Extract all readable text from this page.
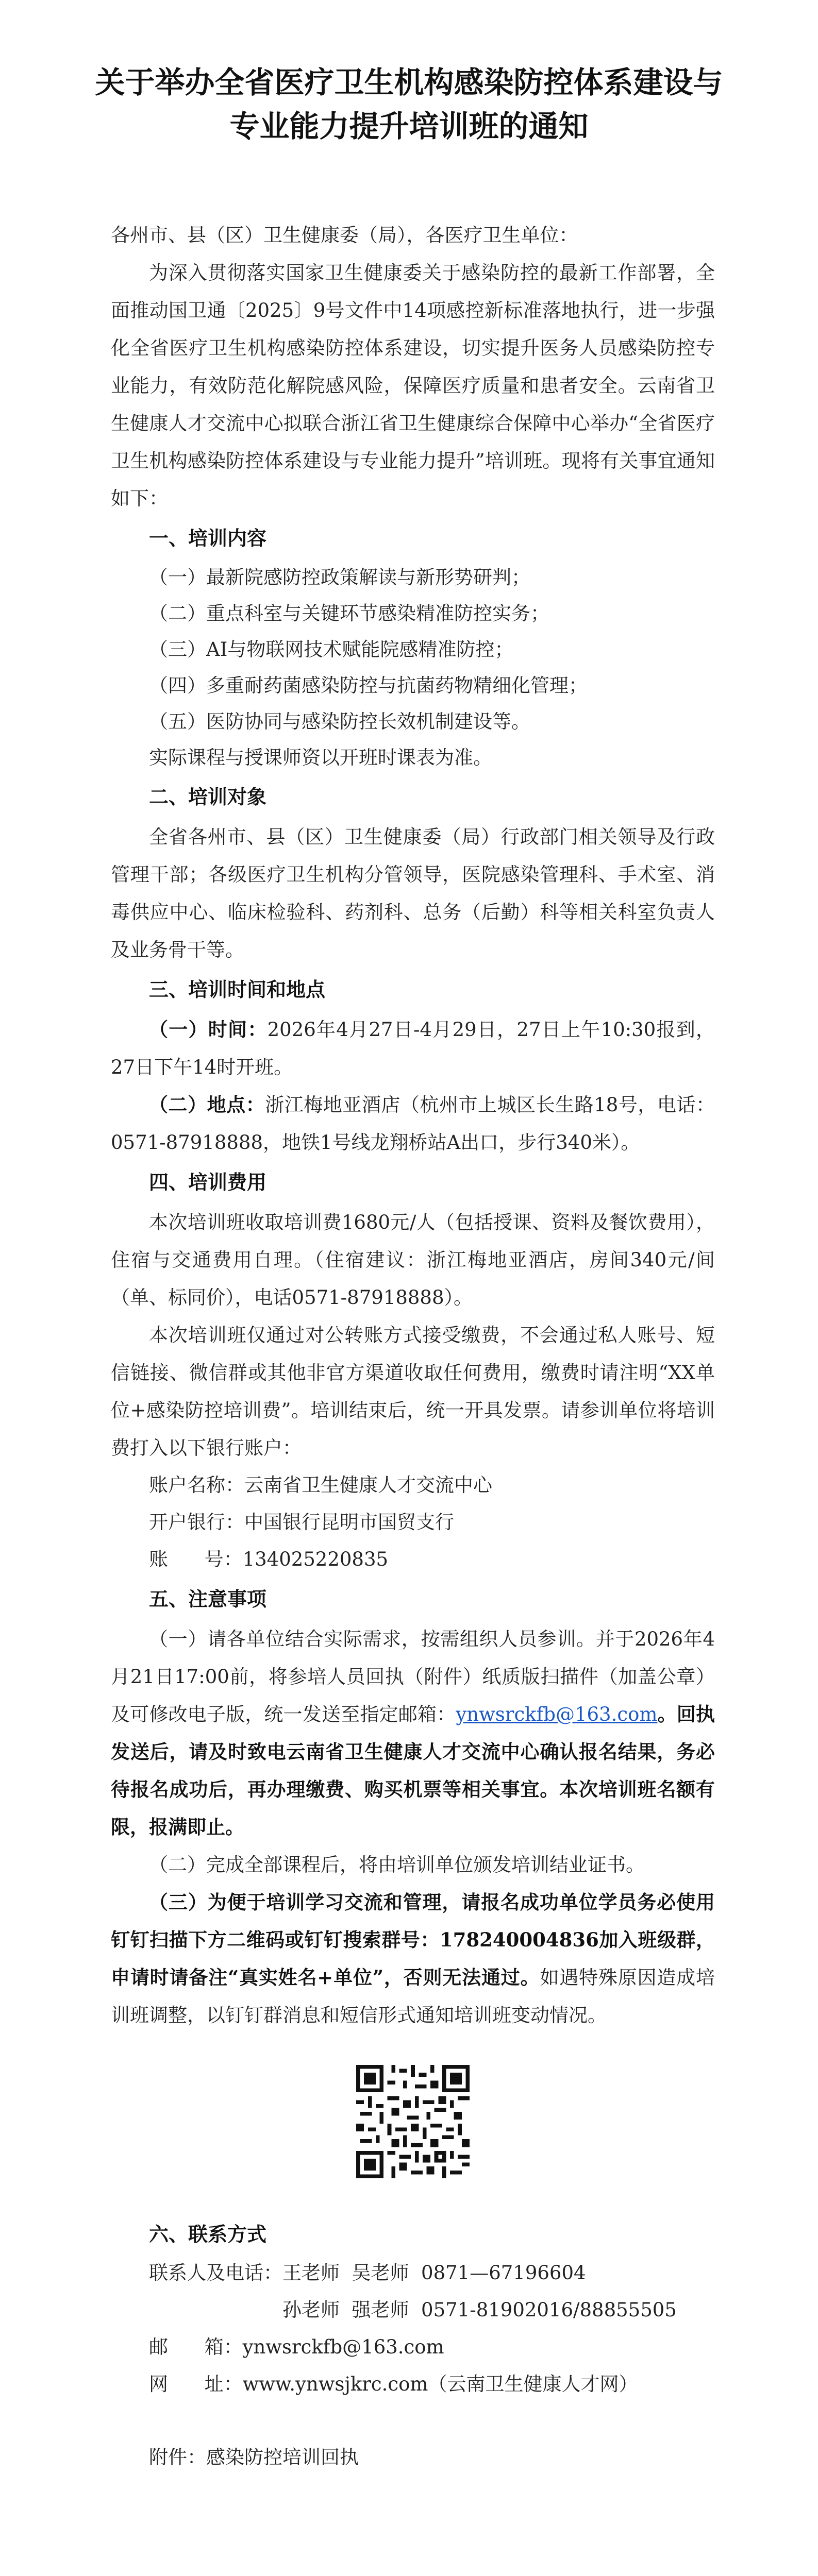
关于举办全省医疗卫生机构感染防控体系建设与
专业能力提升培训班的通知

各州市、县（区）卫生健康委（局），各医疗卫生单位：

为深入贯彻落实国家卫生健康委关于感染防控的最新工作部署，全面推动国卫通〔2025〕9号文件中14项感控新标准落地执行，进一步强化全省医疗卫生机构感染防控体系建设，切实提升医务人员感染防控专业能力，有效防范化解院感风险，保障医疗质量和患者安全。云南省卫生健康人才交流中心拟联合浙江省卫生健康综合保障中心举办“全省医疗卫生机构感染防控体系建设与专业能力提升”培训班。现将有关事宜通知如下：

一、培训内容

（一）最新院感防控政策解读与新形势研判；

（二）重点科室与关键环节感染精准防控实务；

（三）AI与物联网技术赋能院感精准防控；

（四）多重耐药菌感染防控与抗菌药物精细化管理；

（五）医防协同与感染防控长效机制建设等。

实际课程与授课师资以开班时课表为准。

二、培训对象

全省各州市、县（区）卫生健康委（局）行政部门相关领导及行政管理干部；各级医疗卫生机构分管领导，医院感染管理科、手术室、消毒供应中心、临床检验科、药剂科、总务（后勤）科等相关科室负责人及业务骨干等。

三、培训时间和地点

（一）时间：2026年4月27日-4月29日，27日上午10:30报到，27日下午14时开班。

（二）地点：浙江梅地亚酒店（杭州市上城区长生路18号，电话：0571-87918888，地铁1号线龙翔桥站A出口，步行340米）。

四、培训费用

本次培训班收取培训费1680元/人（包括授课、资料及餐饮费用），住宿与交通费用自理。（住宿建议：浙江梅地亚酒店，房间340元/间（单、标同价），电话0571-87918888）。

本次培训班仅通过对公转账方式接受缴费，不会通过私人账号、短信链接、微信群或其他非官方渠道收取任何费用，缴费时请注明“XX单位+感染防控培训费”。培训结束后，统一开具发票。请参训单位将培训费打入以下银行账户：

账户名称：云南省卫生健康人才交流中心

开户银行：中国银行昆明市国贸支行

账      号：134025220835

五、注意事项

（一）请各单位结合实际需求，按需组织人员参训。并于2026年4月21日17:00前，将参培人员回执（附件）纸质版扫描件（加盖公章）及可修改电子版，统一发送至指定邮箱：ynwsrckfb@163.com。回执发送后，请及时致电云南省卫生健康人才交流中心确认报名结果，务必待报名成功后，再办理缴费、购买机票等相关事宜。本次培训班名额有限，报满即止。

（二）完成全部课程后，将由培训单位颁发培训结业证书。

（三）为便于培训学习交流和管理，请报名成功单位学员务必使用钉钉扫描下方二维码或钉钉搜索群号：178240004836加入班级群，申请时请备注“真实姓名+单位”，否则无法通过。如遇特殊原因造成培训班调整，以钉钉群消息和短信形式通知培训班变动情况。

六、联系方式

联系人及电话：王老师  吴老师  0871—67196604

孙老师  强老师  0571-81902016/88855505

邮      箱：ynwsrckfb@163.com

网      址：www.ynwsjkrc.com（云南卫生健康人才网）

附件：感染防控培训回执
